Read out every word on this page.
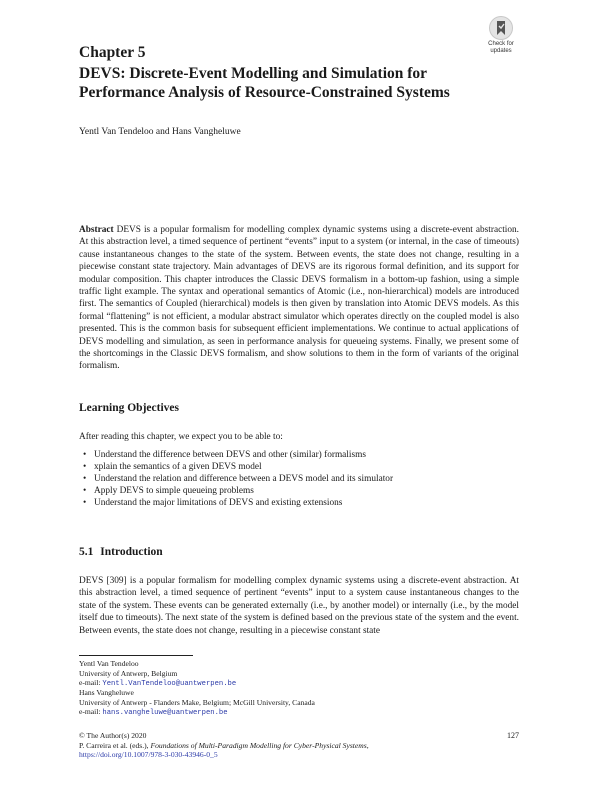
Check for
updates
Chapter 5
DEVS: Discrete-Event Modelling and Simulation for
Performance Analysis of Resource-Constrained Systems
Yentl Van Tendeloo and Hans Vangheluwe
Abstract DEVS is a popular formalism for modelling complex dynamic systems using a discrete-event abstraction. At this abstraction level, a timed sequence of pertinent “events” input to a system (or internal, in the case of timeouts) cause instantaneous changes to the state of the system. Between events, the state does not change, resulting in a piecewise constant state trajectory. Main advantages of DEVS are its rigorous formal definition, and its support for modular composition. This chapter introduces the Classic DEVS formalism in a bottom-up fashion, using a simple traffic light example. The syntax and operational semantics of Atomic (i.e., non-hierarchical) models are introduced first. The semantics of Coupled (hierarchical) models is then given by translation into Atomic DEVS models. As this formal “flattening” is not efficient, a modular abstract simulator which operates directly on the coupled model is also presented. This is the common basis for subsequent efficient implementations. We continue to actual applications of DEVS modelling and simulation, as seen in performance analysis for queueing systems. Finally, we present some of the shortcomings in the Classic DEVS formalism, and show solutions to them in the form of variants of the original formalism.
Learning Objectives
After reading this chapter, we expect you to be able to:
• Understand the difference between DEVS and other (similar) formalisms
• xplain the semantics of a given DEVS model
• Understand the relation and difference between a DEVS model and its simulator
• Apply DEVS to simple queueing problems
• Understand the major limitations of DEVS and existing extensions
5.1 Introduction
DEVS [309] is a popular formalism for modelling complex dynamic systems using a discrete-event abstraction. At this abstraction level, a timed sequence of pertinent “events” input to a system cause instantaneous changes to the state of the system. These events can be generated externally (i.e., by another model) or internally (i.e., by the model itself due to timeouts). The next state of the system is defined based on the previous state of the system and the event. Between events, the state does not change, resulting in a piecewise constant state
Yentl Van Tendeloo
University of Antwerp, Belgium
e-mail: Yentl.VanTendeloo@uantwerpen.be
Hans Vangheluwe
University of Antwerp - Flanders Make, Belgium; McGill University, Canada
e-mail: hans.vangheluwe@uantwerpen.be
© The Author(s) 2020
P. Carreira et al. (eds.), Foundations of Multi-Paradigm Modelling for Cyber-Physical Systems,
https://doi.org/10.1007/978-3-030-43946-0_5
127
